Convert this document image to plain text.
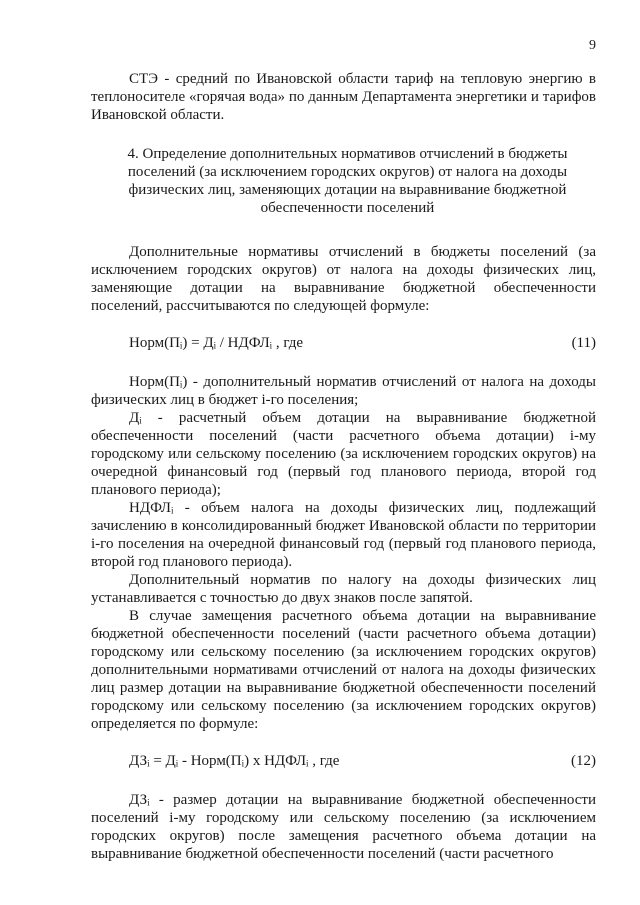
9

СТЭ - средний по Ивановской области тариф на тепловую энергию в теплоносителе «горячая вода» по данным Департамента энергетики и тарифов Ивановской области.

4. Определение дополнительных нормативов отчислений в бюджеты поселений (за исключением городских округов) от налога на доходы физических лиц, заменяющих дотации на выравнивание бюджетной обеспеченности поселений

Дополнительные нормативы отчислений в бюджеты поселений (за исключением городских округов) от налога на доходы физических лиц, заменяющие дотации на выравнивание бюджетной обеспеченности поселений, рассчитываются по следующей формуле:

Норм(Пᵢ) = Дᵢ / НДФЛᵢ , где	(11)

Норм(Пᵢ) - дополнительный норматив отчислений от налога на доходы физических лиц в бюджет i-го поселения;

Дᵢ - расчетный объем дотации на выравнивание бюджетной обеспеченности поселений (части расчетного объема дотации) i-му городскому или сельскому поселению (за исключением городских округов) на очередной финансовый год (первый год планового периода, второй год планового периода);

НДФЛᵢ - объем налога на доходы физических лиц, подлежащий зачислению в консолидированный бюджет Ивановской области по территории i-го поселения на очередной финансовый год (первый год планового периода, второй год планового периода).

Дополнительный норматив по налогу на доходы физических лиц устанавливается с точностью до двух знаков после запятой.

В случае замещения расчетного объема дотации на выравнивание бюджетной обеспеченности поселений (части расчетного объема дотации) городскому или сельскому поселению (за исключением городских округов) дополнительными нормативами отчислений от налога на доходы физических лиц размер дотации на выравнивание бюджетной обеспеченности поселений городскому или сельскому поселению (за исключением городских округов) определяется по формуле:

ДЗᵢ = Дᵢ - Норм(Пᵢ) x НДФЛᵢ , где	(12)

ДЗᵢ - размер дотации на выравнивание бюджетной обеспеченности поселений i-му городскому или сельскому поселению (за исключением городских округов) после замещения расчетного объема дотации на выравнивание бюджетной обеспеченности поселений (части расчетного
